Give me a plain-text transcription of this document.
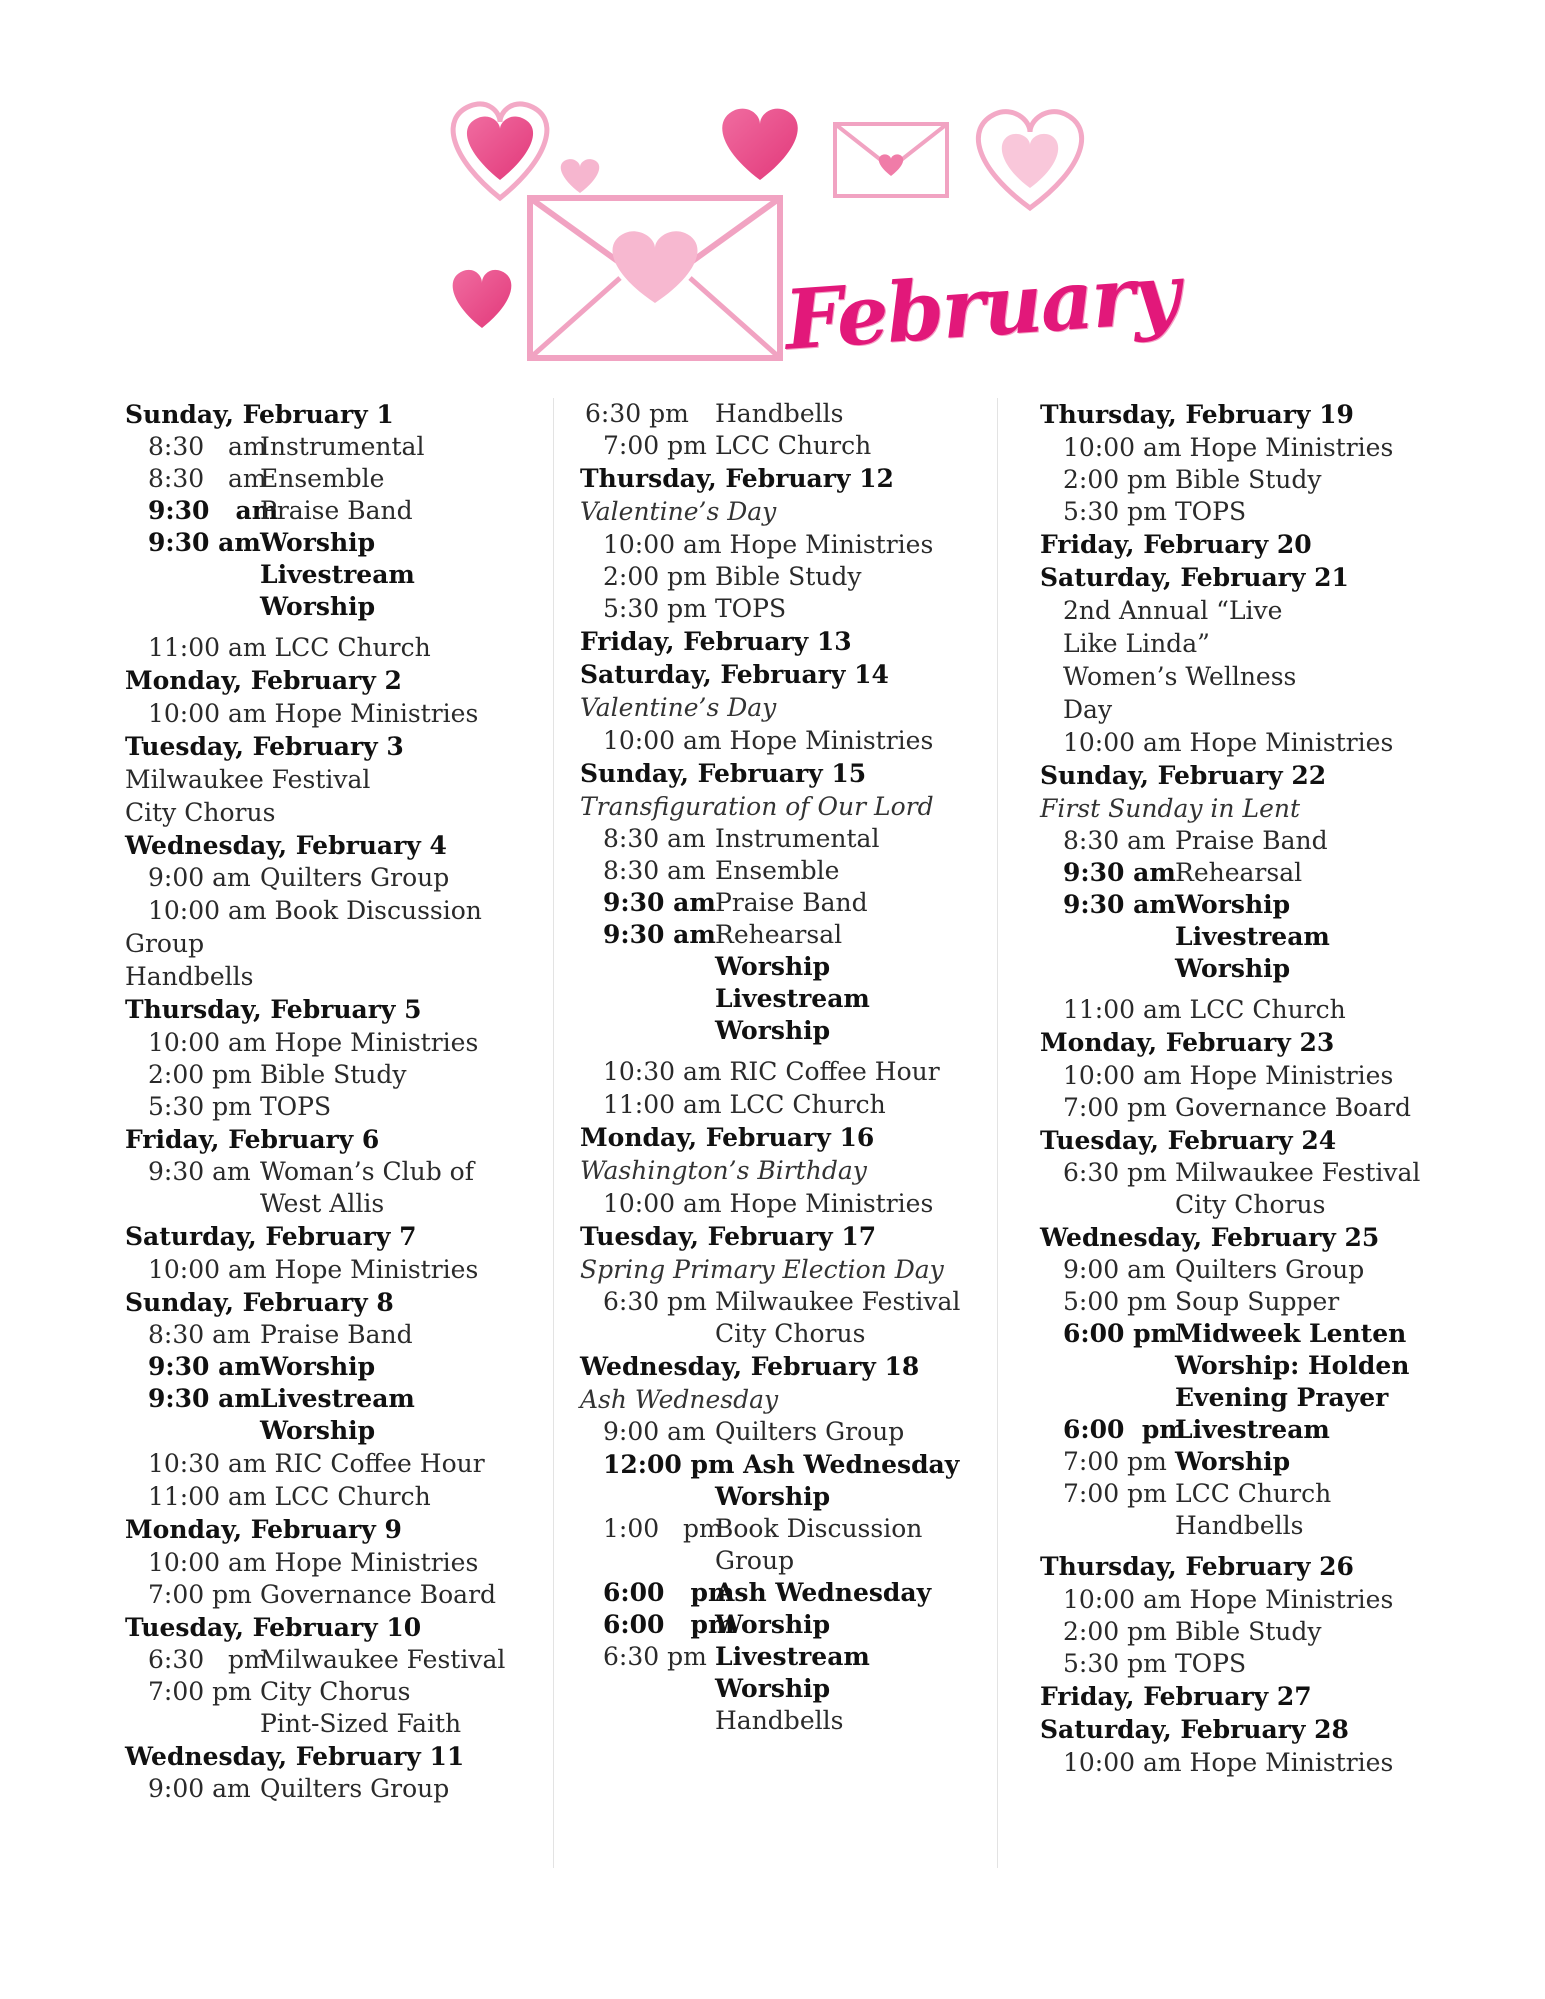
February
Sunday, February 1
8:30   am
Instrumental
8:30   am
Ensemble
9:30   am
Praise Band
9:30 am Worship
Livestream
Worship
11:00 am LCC Church
Monday, February 2
10:00 am Hope Ministries
Tuesday, February 3
Milwaukee Festival
City Chorus
Wednesday, February 4
9:00 am Quilters Group
10:00 am Book Discussion
Group
Handbells
Thursday, February 5
10:00 am Hope Ministries
2:00 pm Bible Study
5:30 pm TOPS
Friday, February 6
9:30 am Woman’s Club of
West Allis
Saturday, February 7
10:00 am Hope Ministries
Sunday, February 8
8:30 am Praise Band
9:30 am Worship
9:30 am Livestream
Worship
10:30 am RIC Coffee Hour
11:00 am LCC Church
Monday, February 9
10:00 am Hope Ministries
7:00 pm Governance Board
Tuesday, February 10
6:30   pm
Milwaukee Festival
7:00 pm City Chorus
Pint-Sized Faith
Wednesday, February 11
9:00 am Quilters Group
6:30 pm	Handbells
7:00 pm LCC Church
Thursday, February 12
Valentine’s Day
10:00 am Hope Ministries
2:00 pm Bible Study
5:30 pm TOPS
Friday, February 13
Saturday, February 14
Valentine’s Day
10:00 am Hope Ministries
Sunday, February 15
Transfiguration of Our Lord
8:30 am Instrumental
8:30 am Ensemble
9:30 am Praise Band
9:30 am Rehearsal
Worship
Livestream
Worship
10:30 am RIC Coffee Hour
11:00 am LCC Church
Monday, February 16
Washington’s Birthday
10:00 am Hope Ministries
Tuesday, February 17
Spring Primary Election Day
6:30 pm Milwaukee Festival
City Chorus
Wednesday, February 18
Ash Wednesday
9:00 am Quilters Group
12:00 pm Ash Wednesday
Worship
1:00   pm
Book Discussion
Group
6:00   pm
Ash Wednesday
6:00   pm
Worship
6:30 pm Livestream
Worship
Handbells
Thursday, February 19
10:00 am Hope Ministries
2:00 pm Bible Study
5:30 pm TOPS
Friday, February 20
Saturday, February 21
2nd Annual “Live
Like Linda”
Women’s Wellness
Day
10:00 am Hope Ministries
Sunday, February 22
First Sunday in Lent
8:30 am Praise Band
9:30 am Rehearsal
9:30 am Worship
Livestream
Worship
11:00 am LCC Church
Monday, February 23
10:00 am Hope Ministries
7:00 pm Governance Board
Tuesday, February 24
6:30 pm Milwaukee Festival
City Chorus
Wednesday, February 25
9:00 am Quilters Group
5:00 pm Soup Supper
6:00 pm
Midweek Lenten
Worship: Holden
Evening Prayer
6:00  pm
Livestream
7:00 pm Worship
7:00 pm LCC Church
Handbells
Thursday, February 26
10:00 am Hope Ministries
2:00 pm Bible Study
5:30 pm TOPS
Friday, February 27
Saturday, February 28
10:00 am Hope Ministries
